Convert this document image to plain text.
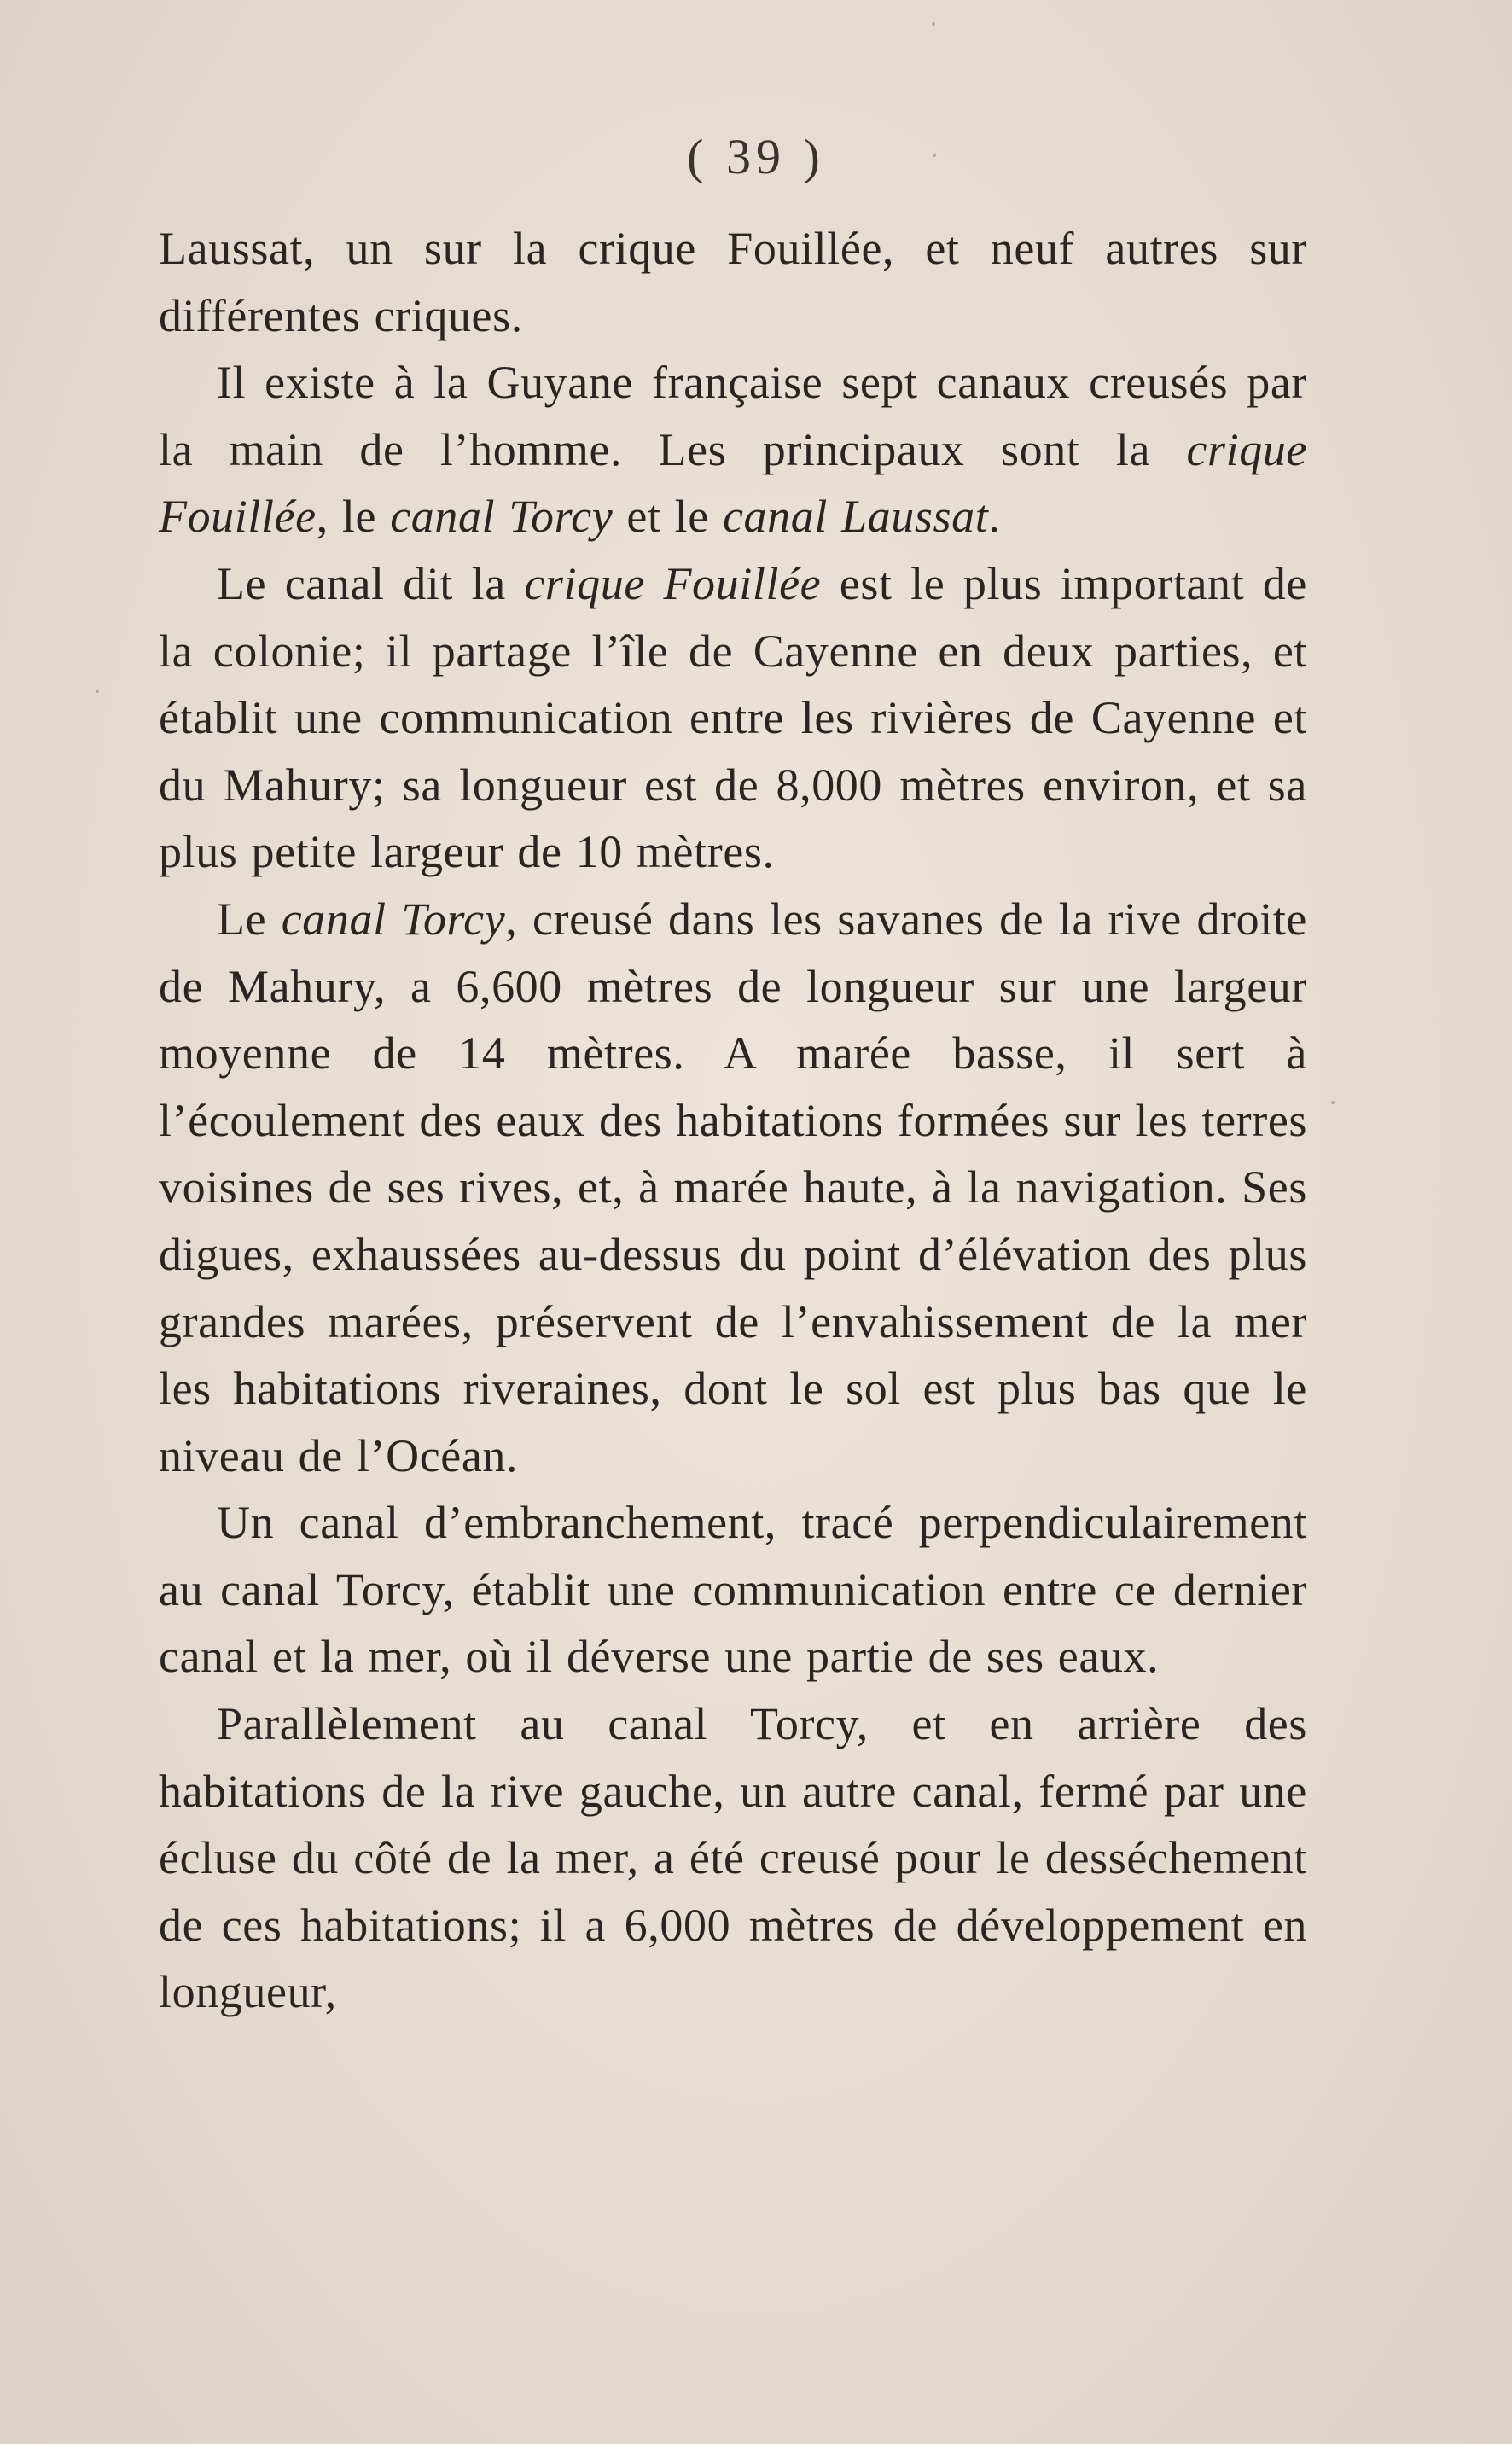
( 39 )

Laussat, un sur la crique Fouillée, et neuf autres sur différentes criques.

Il existe à la Guyane française sept canaux creusés par la main de l’homme. Les principaux sont la crique Fouillée, le canal Torcy et le canal Laussat.

Le canal dit la crique Fouillée est le plus important de la colonie; il partage l’île de Cayenne en deux parties, et établit une communication entre les rivières de Cayenne et du Mahury; sa longueur est de 8,000 mètres environ, et sa plus petite largeur de 10 mètres.

Le canal Torcy, creusé dans les savanes de la rive droite de Mahury, a 6,600 mètres de longueur sur une largeur moyenne de 14 mètres. A marée basse, il sert à l’écoulement des eaux des habitations formées sur les terres voisines de ses rives, et, à marée haute, à la navigation. Ses digues, exhaussées au-dessus du point d’élévation des plus grandes marées, préservent de l’envahissement de la mer les habitations riveraines, dont le sol est plus bas que le niveau de l’Océan.

Un canal d’embranchement, tracé perpendiculairement au canal Torcy, établit une communication entre ce dernier canal et la mer, où il déverse une partie de ses eaux.

Parallèlement au canal Torcy, et en arrière des habitations de la rive gauche, un autre canal, fermé par une écluse du côté de la mer, a été creusé pour le desséchement de ces habitations; il a 6,000 mètres de développement en longueur,
